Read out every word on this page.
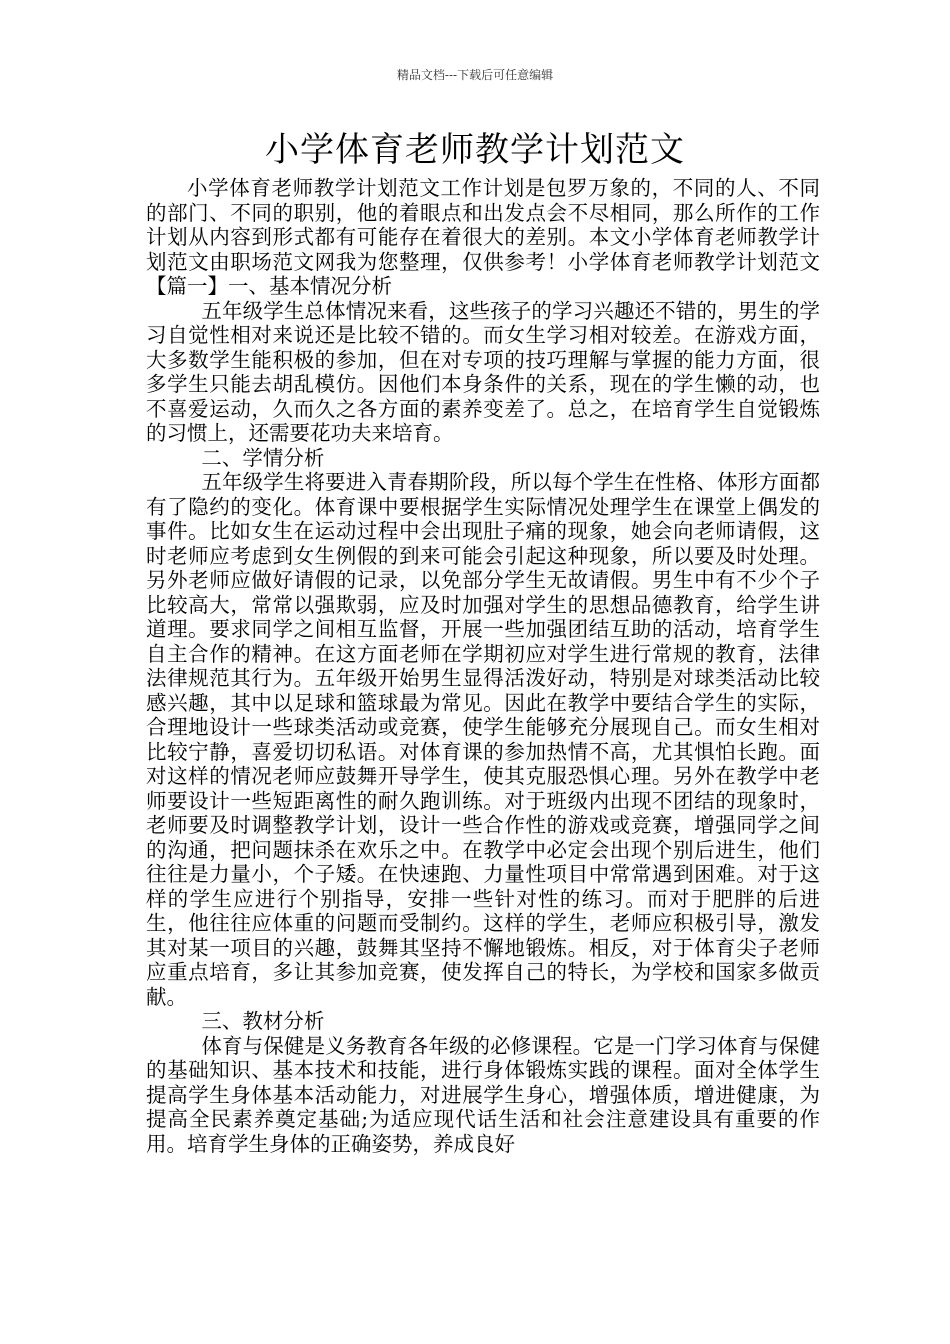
精品文档---下载后可任意编辑
小学体育老师教学计划范文

小学体育老师教学计划范文工作计划是包罗万象的，不同的人、不同的部门、不同的职别，他的着眼点和出发点会不尽相同，那么所作的工作计划从内容到形式都有可能存在着很大的差别。本文小学体育老师教学计划范文由职场范文网我为您整理，仅供参考！小学体育老师教学计划范文【篇一】一、基本情况分析

五年级学生总体情况来看，这些孩子的学习兴趣还不错的，男生的学习自觉性相对来说还是比较不错的。而女生学习相对较差。在游戏方面，大多数学生能积极的参加，但在对专项的技巧理解与掌握的能力方面，很多学生只能去胡乱模仿。因他们本身条件的关系，现在的学生懒的动，也不喜爱运动，久而久之各方面的素养变差了。总之，在培育学生自觉锻炼的习惯上，还需要花功夫来培育。

二、学情分析

五年级学生将要进入青春期阶段，所以每个学生在性格、体形方面都有了隐约的变化。体育课中要根据学生实际情况处理学生在课堂上偶发的事件。比如女生在运动过程中会出现肚子痛的现象，她会向老师请假，这时老师应考虑到女生例假的到来可能会引起这种现象，所以要及时处理。另外老师应做好请假的记录，以免部分学生无故请假。男生中有不少个子比较高大，常常以强欺弱，应及时加强对学生的思想品德教育，给学生讲道理。要求同学之间相互监督，开展一些加强团结互助的活动，培育学生自主合作的精神。在这方面老师在学期初应对学生进行常规的教育，法律法律规范其行为。五年级开始男生显得活泼好动，特别是对球类活动比较感兴趣，其中以足球和篮球最为常见。因此在教学中要结合学生的实际，合理地设计一些球类活动或竞赛，使学生能够充分展现自己。而女生相对比较宁静，喜爱切切私语。对体育课的参加热情不高，尤其惧怕长跑。面对这样的情况老师应鼓舞开导学生，使其克服恐惧心理。另外在教学中老师要设计一些短距离性的耐久跑训练。对于班级内出现不团结的现象时，老师要及时调整教学计划，设计一些合作性的游戏或竞赛，增强同学之间的沟通，把问题抹杀在欢乐之中。在教学中必定会出现个别后进生，他们往往是力量小，个子矮。在快速跑、力量性项目中常常遇到困难。对于这样的学生应进行个别指导，安排一些针对性的练习。而对于肥胖的后进生，他往往应体重的问题而受制约。这样的学生，老师应积极引导，激发其对某一项目的兴趣，鼓舞其坚持不懈地锻炼。相反，对于体育尖子老师应重点培育，多让其参加竞赛，使发挥自己的特长，为学校和国家多做贡献。

三、教材分析

体育与保健是义务教育各年级的必修课程。它是一门学习体育与保健的基础知识、基本技术和技能，进行身体锻炼实践的课程。面对全体学生提高学生身体基本活动能力，对进展学生身心，增强体质，增进健康，为提高全民素养奠定基础;为适应现代话生活和社会注意建设具有重要的作用。培育学生身体的正确姿势，养成良好
